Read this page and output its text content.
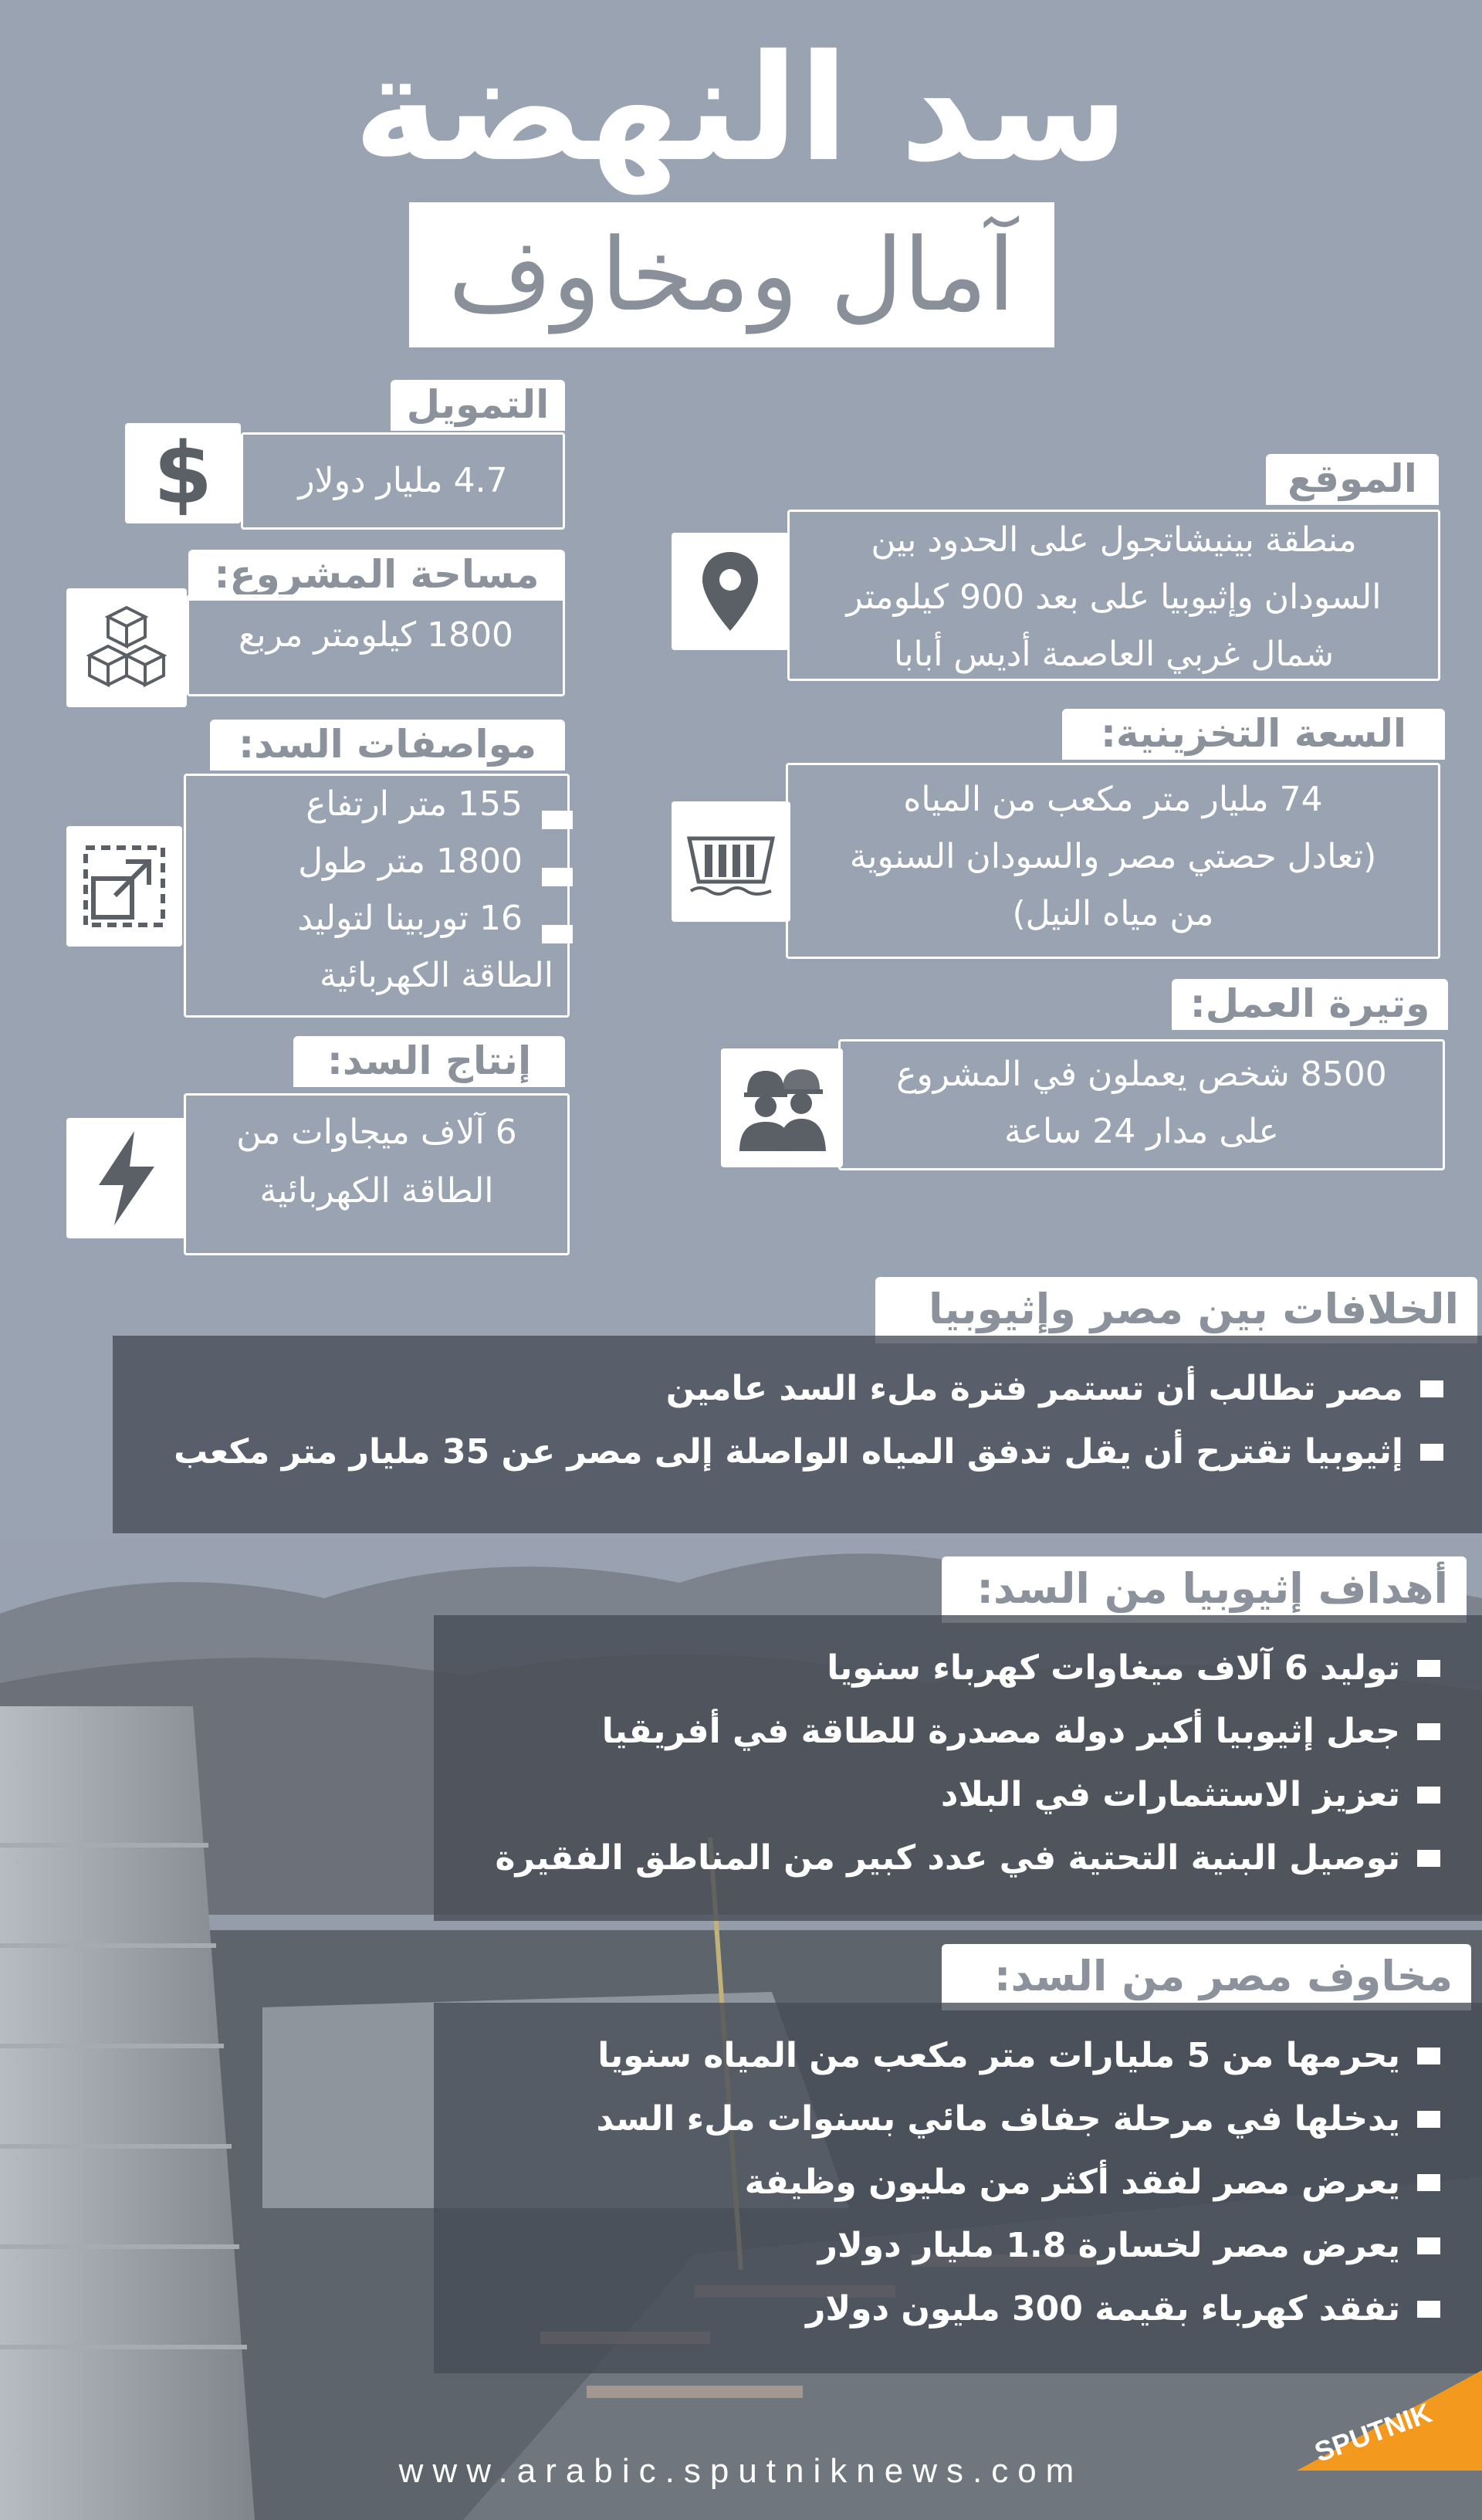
سد النهضة
آمال ومخاوف
التمويل
$	4.7 مليار دولار
مساحة المشروع:
1800 كيلومتر مربع
مواصفات السد:
155 متر ارتفاع
1800 متر طول
16 توربينا لتوليد
الطاقة الكهربائية
إنتاج السد:
6 آلاف ميجاوات من
الطاقة الكهربائية
الموقع
منطقة بينيشاتجول على الحدود بين
السودان وإثيوبيا على بعد 900 كيلومتر
شمال غربي العاصمة أديس أبابا
السعة التخزينية:
74 مليار متر مكعب من المياه
(تعادل حصتي مصر والسودان السنوية
من مياه النيل)
وتيرة العمل:
8500 شخص يعملون في المشروع
على مدار 24 ساعة
الخلافات بين مصر وإثيوبيا
مصر تطالب أن تستمر فترة ملء السد عامين
إثيوبيا تقترح أن يقل تدفق المياه الواصلة إلى مصر عن 35 مليار متر مكعب
أهداف إثيوبيا من السد:
توليد 6 آلاف ميغاوات كهرباء سنويا
جعل إثيوبيا أكبر دولة مصدرة للطاقة في أفريقيا
تعزيز الاستثمارات في البلاد
توصيل البنية التحتية في عدد كبير من المناطق الفقيرة
مخاوف مصر من السد:
يحرمها من 5 مليارات متر مكعب من المياه سنويا
يدخلها في مرحلة جفاف مائي بسنوات ملء السد
يعرض مصر لفقد أكثر من مليون وظيفة
يعرض مصر لخسارة 1.8 مليار دولار
تفقد كهرباء بقيمة 300 مليون دولار
SPUTNIK
www.arabic.sputniknews.com
